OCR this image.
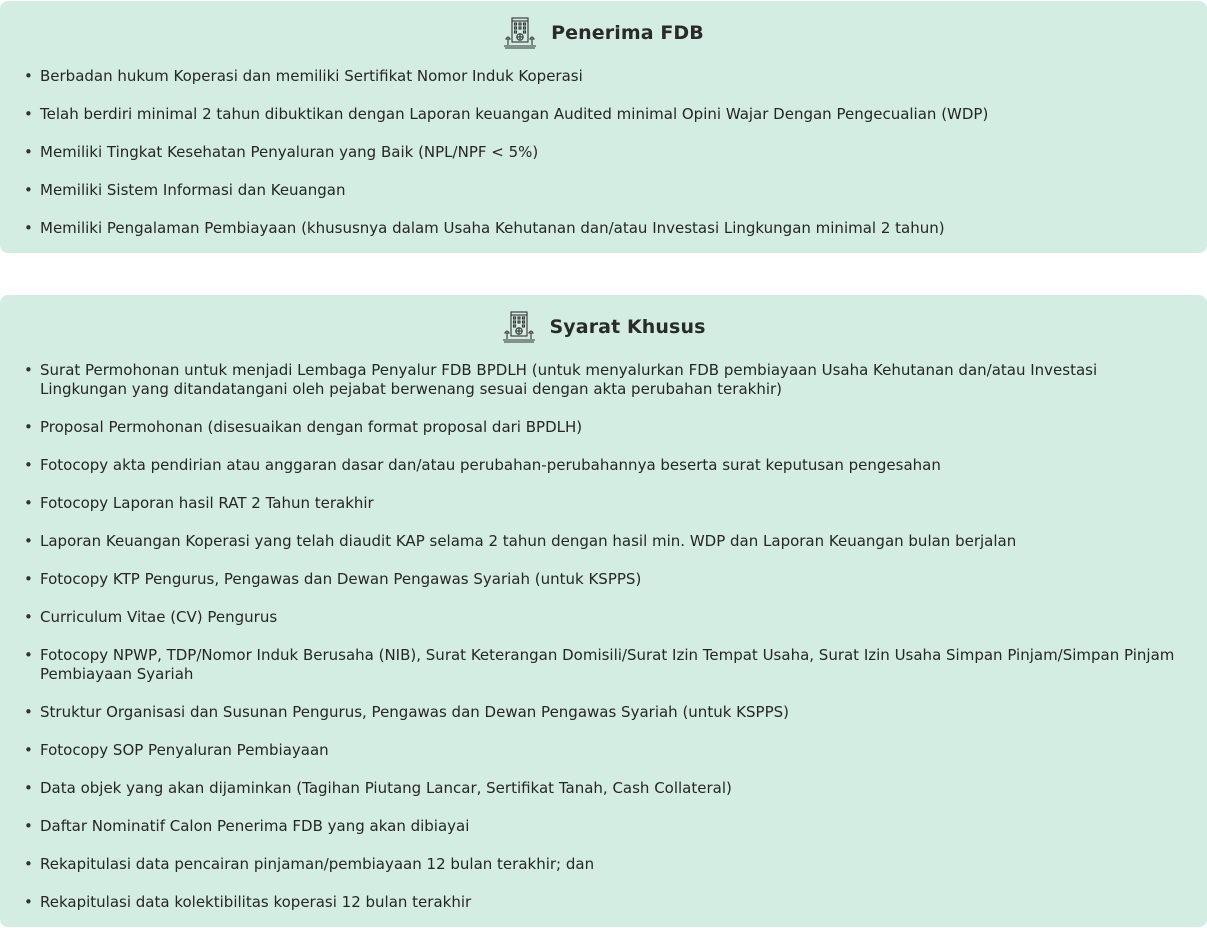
Penerima FDB
• Berbadan hukum Koperasi dan memiliki Sertifikat Nomor Induk Koperasi
• Telah berdiri minimal 2 tahun dibuktikan dengan Laporan keuangan Audited minimal Opini Wajar Dengan Pengecualian (WDP)
• Memiliki Tingkat Kesehatan Penyaluran yang Baik (NPL/NPF < 5%)
• Memiliki Sistem Informasi dan Keuangan
• Memiliki Pengalaman Pembiayaan (khususnya dalam Usaha Kehutanan dan/atau Investasi Lingkungan minimal 2 tahun)
Syarat Khusus
• Surat Permohonan untuk menjadi Lembaga Penyalur FDB BPDLH (untuk menyalurkan FDB pembiayaan Usaha Kehutanan dan/atau Investasi Lingkungan yang ditandatangani oleh pejabat berwenang sesuai dengan akta perubahan terakhir)
• Proposal Permohonan (disesuaikan dengan format proposal dari BPDLH)
• Fotocopy akta pendirian atau anggaran dasar dan/atau perubahan-perubahannya beserta surat keputusan pengesahan
• Fotocopy Laporan hasil RAT 2 Tahun terakhir
• Laporan Keuangan Koperasi yang telah diaudit KAP selama 2 tahun dengan hasil min. WDP dan Laporan Keuangan bulan berjalan
• Fotocopy KTP Pengurus, Pengawas dan Dewan Pengawas Syariah (untuk KSPPS)
• Curriculum Vitae (CV) Pengurus
• Fotocopy NPWP, TDP/Nomor Induk Berusaha (NIB), Surat Keterangan Domisili/Surat Izin Tempat Usaha, Surat Izin Usaha Simpan Pinjam/Simpan Pinjam Pembiayaan Syariah
• Struktur Organisasi dan Susunan Pengurus, Pengawas dan Dewan Pengawas Syariah (untuk KSPPS)
• Fotocopy SOP Penyaluran Pembiayaan
• Data objek yang akan dijaminkan (Tagihan Piutang Lancar, Sertifikat Tanah, Cash Collateral)
• Daftar Nominatif Calon Penerima FDB yang akan dibiayai
• Rekapitulasi data pencairan pinjaman/pembiayaan 12 bulan terakhir; dan
• Rekapitulasi data kolektibilitas koperasi 12 bulan terakhir
